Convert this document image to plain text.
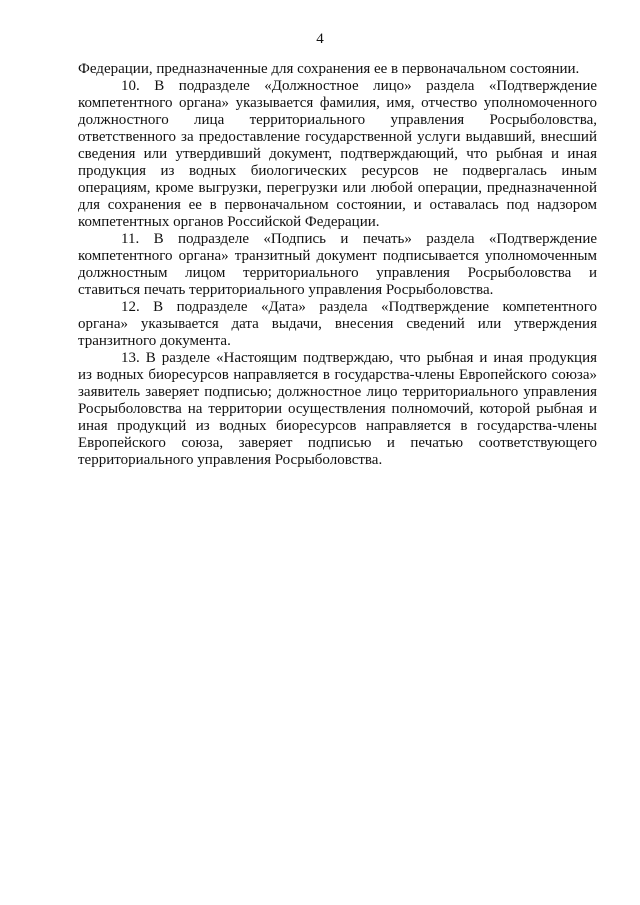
4
Федерации, предназначенные для сохранения ее в первоначальном состоянии.
10. В подразделе «Должностное лицо» раздела «Подтверждение
компетентного органа» указывается фамилия, имя, отчество уполномоченного
должностного лица территориального управления Росрыболовства,
ответственного за предоставление государственной услуги выдавший, внесший
сведения или утвердивший документ, подтверждающий, что рыбная и иная
продукция из водных биологических ресурсов не подвергалась иным
операциям, кроме выгрузки, перегрузки или любой операции, предназначенной
для сохранения ее в первоначальном состоянии, и оставалась под надзором
компетентных органов Российской Федерации.
11. В подразделе «Подпись и печать» раздела «Подтверждение
компетентного органа» транзитный документ подписывается уполномоченным
должностным лицом территориального управления Росрыболовства и
ставиться печать территориального управления Росрыболовства.
12. В подразделе «Дата» раздела «Подтверждение компетентного
органа» указывается дата выдачи, внесения сведений или утверждения
транзитного документа.
13. В разделе «Настоящим подтверждаю, что рыбная и иная продукция
из водных биоресурсов направляется в государства-члены Европейского союза»
заявитель заверяет подписью; должностное лицо территориального управления
Росрыболовства на территории осуществления полномочий, которой рыбная и
иная продукций из водных биоресурсов направляется в государства-члены
Европейского союза, заверяет подписью и печатью соответствующего
территориального управления Росрыболовства.
